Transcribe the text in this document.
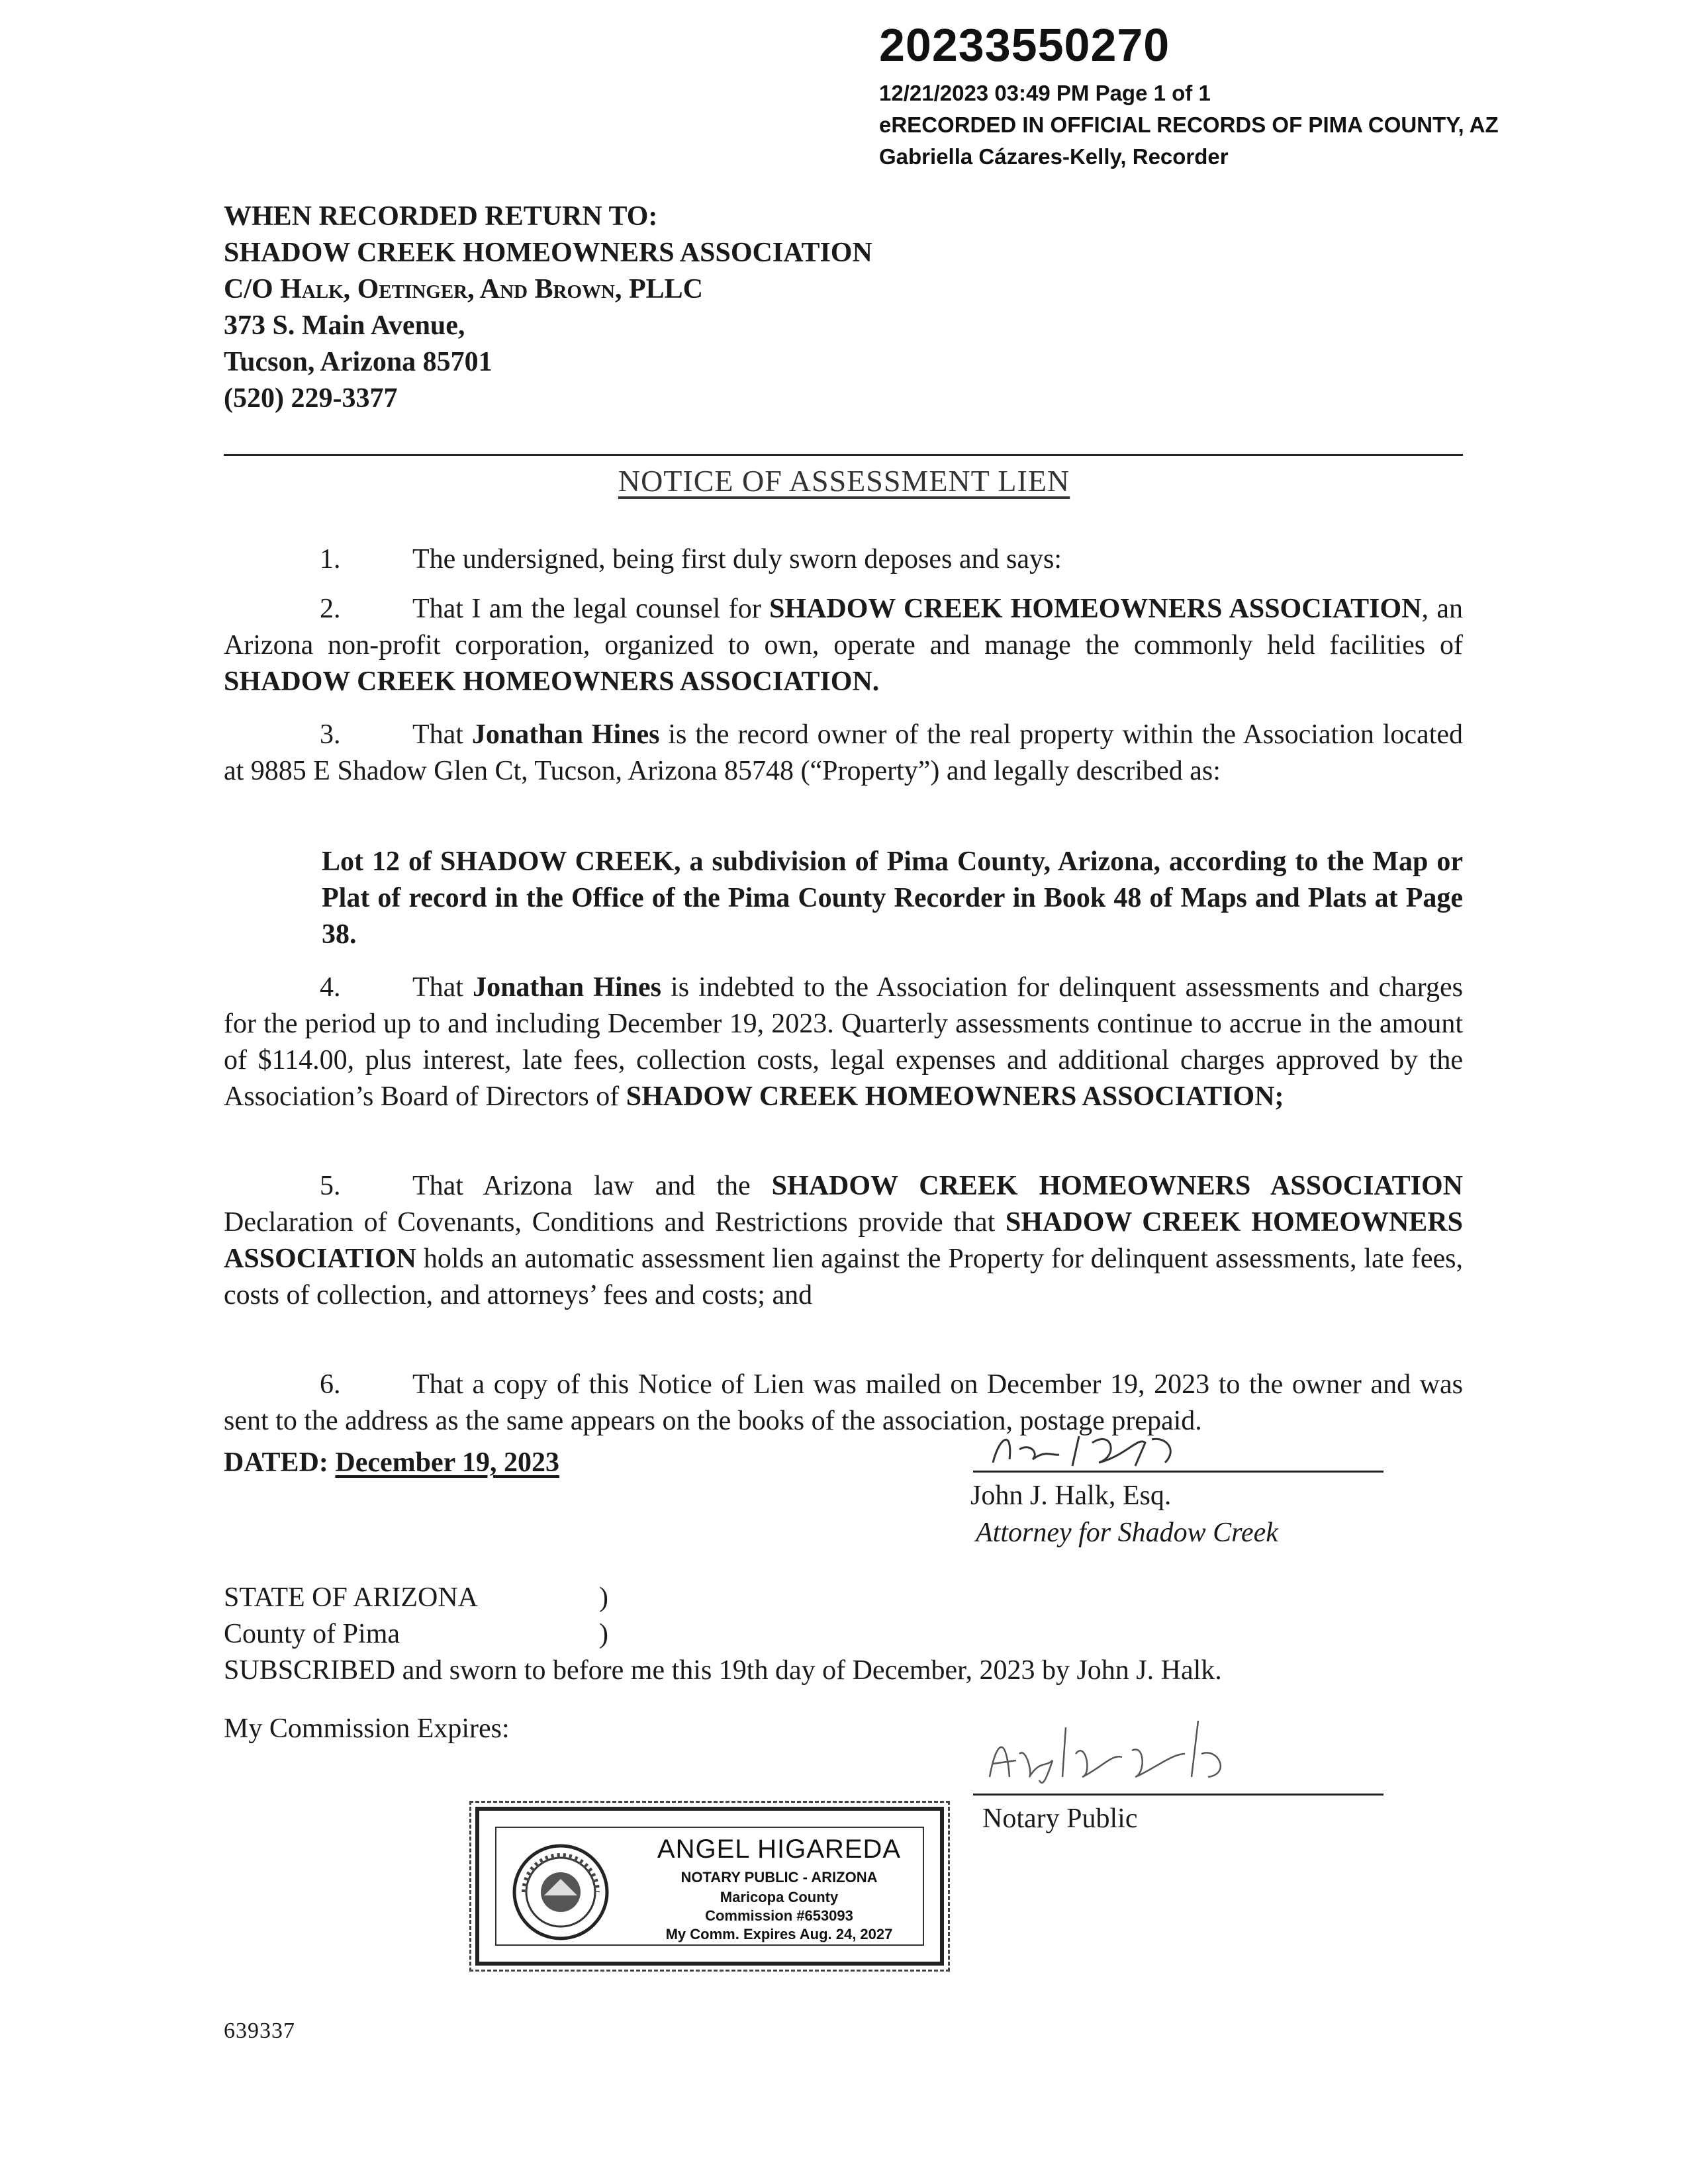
20233550270
12/21/2023 03:49 PM Page 1 of 1
eRECORDED IN OFFICIAL RECORDS OF PIMA COUNTY, AZ
Gabriella Cázares-Kelly, Recorder
WHEN RECORDED RETURN TO:
SHADOW CREEK HOMEOWNERS ASSOCIATION
C/O Halk, Oetinger, And Brown, PLLC
373 S. Main Avenue,
Tucson, Arizona 85701
(520) 229-3377
NOTICE OF ASSESSMENT LIEN
1.	The undersigned, being first duly sworn deposes and says:
2.	That I am the legal counsel for SHADOW CREEK HOMEOWNERS ASSOCIATION, an Arizona non-profit corporation, organized to own, operate and manage the commonly held facilities of SHADOW CREEK HOMEOWNERS ASSOCIATION.
3.	That Jonathan Hines is the record owner of the real property within the Association located at 9885 E Shadow Glen Ct, Tucson, Arizona 85748 (“Property”) and legally described as:
Lot 12 of SHADOW CREEK, a subdivision of Pima County, Arizona, according to the Map or Plat of record in the Office of the Pima County Recorder in Book 48 of Maps and Plats at Page 38.
4.	That Jonathan Hines is indebted to the Association for delinquent assessments and charges for the period up to and including December 19, 2023. Quarterly assessments continue to accrue in the amount of $114.00, plus interest, late fees, collection costs, legal expenses and additional charges approved by the Association’s Board of Directors of SHADOW CREEK HOMEOWNERS ASSOCIATION;
5.	That Arizona law and the SHADOW CREEK HOMEOWNERS ASSOCIATION Declaration of Covenants, Conditions and Restrictions provide that SHADOW CREEK HOMEOWNERS ASSOCIATION holds an automatic assessment lien against the Property for delinquent assessments, late fees, costs of collection, and attorneys’ fees and costs; and
6.	That a copy of this Notice of Lien was mailed on December 19, 2023 to the owner and was sent to the address as the same appears on the books of the association, postage prepaid.
DATED: December 19, 2023
John J. Halk, Esq.
Attorney for Shadow Creek
STATE OF ARIZONA	)
County of Pima	)
SUBSCRIBED and sworn to before me this 19th day of December, 2023 by John J. Halk.
My Commission Expires:
Notary Public
ANGEL HIGAREDA
NOTARY PUBLIC - ARIZONA
Maricopa County
Commission #653093
My Comm. Expires Aug. 24, 2027
639337
